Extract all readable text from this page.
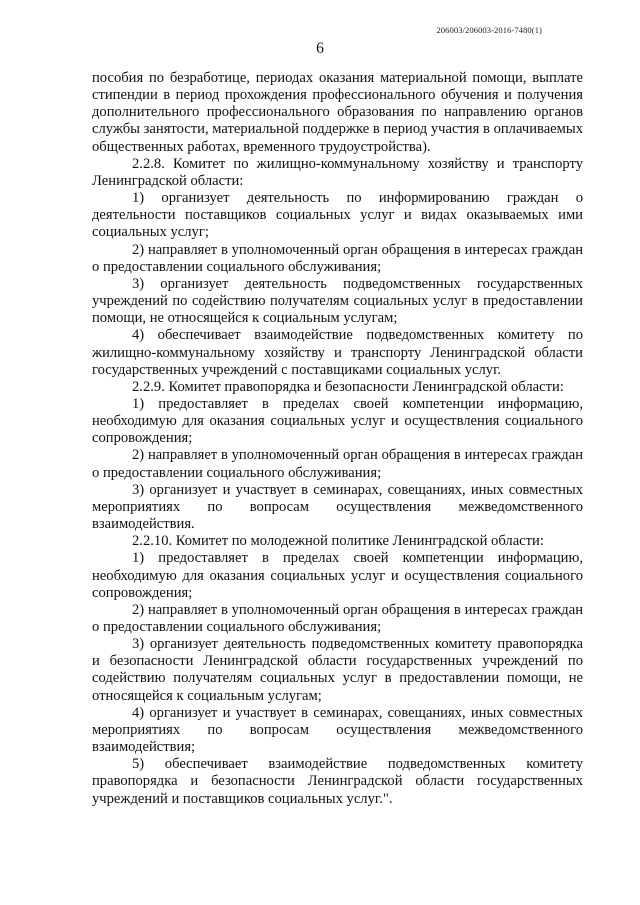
206003/206003-2016-7480(1)
6

пособия по безработице, периодах оказания материальной помощи, выплате стипендии в период прохождения профессионального обучения и получения дополнительного профессионального образования по направлению органов службы занятости, материальной поддержке в период участия в оплачиваемых общественных работах, временного трудоустройства).

2.2.8. Комитет по жилищно-коммунальному хозяйству и транспорту Ленинградской области:

1) организует деятельность по информированию граждан о деятельности поставщиков социальных услуг и видах оказываемых ими социальных услуг;

2) направляет в уполномоченный орган обращения в интересах граждан о предоставлении социального обслуживания;

3) организует деятельность подведомственных государственных учреждений по содействию получателям социальных услуг в предоставлении помощи, не относящейся к социальным услугам;

4) обеспечивает взаимодействие подведомственных комитету по жилищно-коммунальному хозяйству и транспорту Ленинградской области государственных учреждений с поставщиками социальных услуг.

2.2.9. Комитет правопорядка и безопасности Ленинградской области:

1) предоставляет в пределах своей компетенции информацию, необходимую для оказания социальных услуг и осуществления социального сопровождения;

2) направляет в уполномоченный орган обращения в интересах граждан о предоставлении социального обслуживания;

3) организует и участвует в семинарах, совещаниях, иных совместных мероприятиях по вопросам осуществления межведомственного взаимодействия.

2.2.10. Комитет по молодежной политике Ленинградской области:

1) предоставляет в пределах своей компетенции информацию, необходимую для оказания социальных услуг и осуществления социального сопровождения;

2) направляет в уполномоченный орган обращения в интересах граждан о предоставлении социального обслуживания;

3) организует деятельность подведомственных комитету правопорядка и безопасности Ленинградской области государственных учреждений по содействию получателям социальных услуг в предоставлении помощи, не относящейся к социальным услугам;

4) организует и участвует в семинарах, совещаниях, иных совместных мероприятиях по вопросам осуществления межведомственного взаимодействия;

5) обеспечивает взаимодействие подведомственных комитету правопорядка и безопасности Ленинградской области государственных учреждений и поставщиков социальных услуг.".
